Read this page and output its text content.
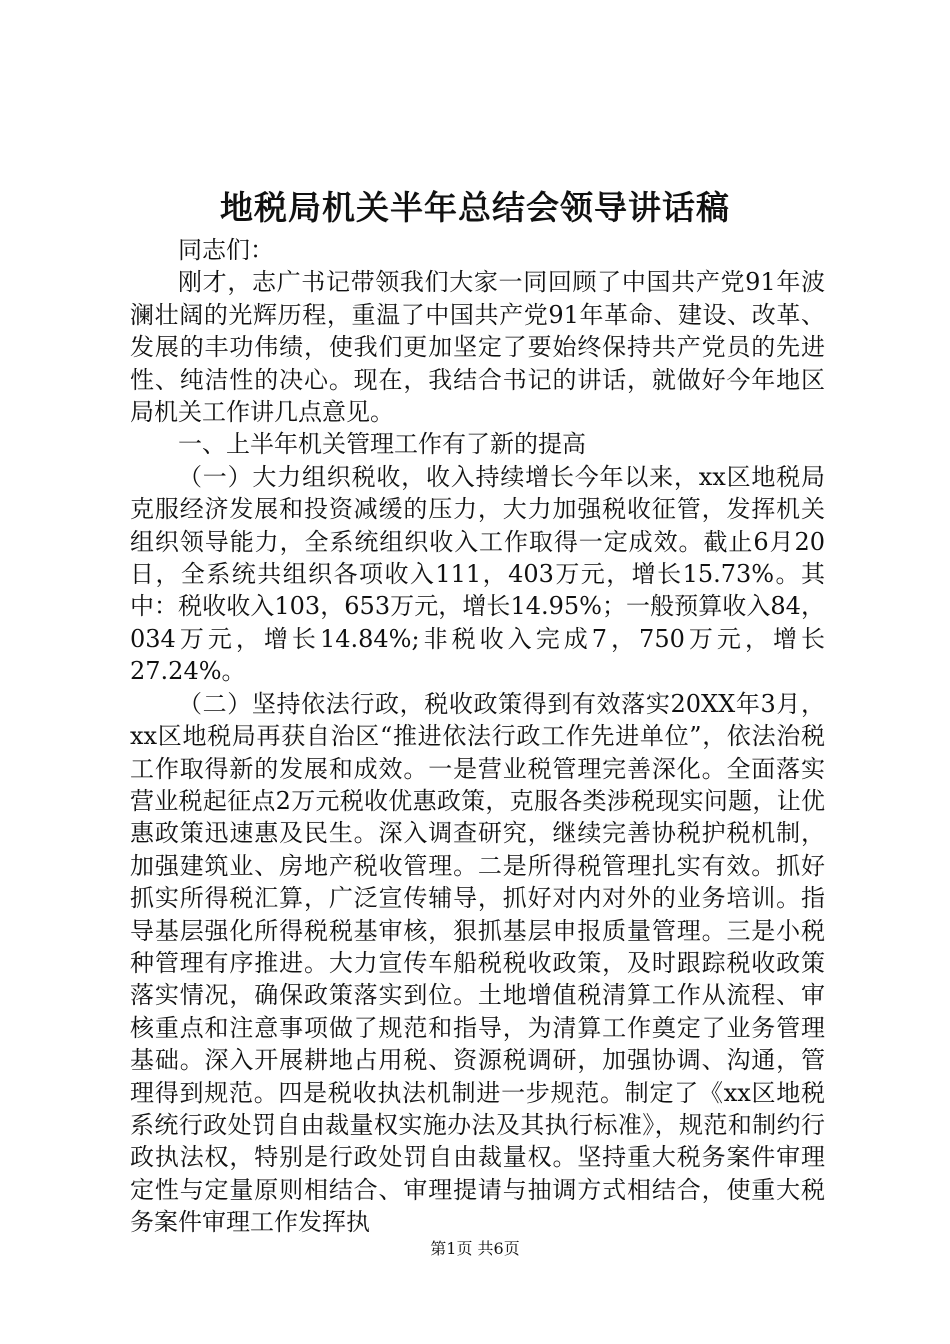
地税局机关半年总结会领导讲话稿

同志们：

刚才，志广书记带领我们大家一同回顾了中国共产党91年波澜壮阔的光辉历程，重温了中国共产党91年革命、建设、改革、发展的丰功伟绩，使我们更加坚定了要始终保持共产党员的先进性、纯洁性的决心。现在，我结合书记的讲话，就做好今年地区局机关工作讲几点意见。

一、上半年机关管理工作有了新的提高

（一）大力组织税收，收入持续增长今年以来，xx区地税局克服经济发展和投资减缓的压力，大力加强税收征管，发挥机关组织领导能力，全系统组织收入工作取得一定成效。截止6月20日，全系统共组织各项收入111，403万元，增长15.73%。其中：税收收入103，653万元，增长14.95%；一般预算收入84，034万元，增长14.84%;非税收入完成7，750万元，增长27.24%。

（二）坚持依法行政，税收政策得到有效落实20XX年3月，xx区地税局再获自治区“推进依法行政工作先进单位”，依法治税工作取得新的发展和成效。一是营业税管理完善深化。全面落实营业税起征点2万元税收优惠政策，克服各类涉税现实问题，让优惠政策迅速惠及民生。深入调查研究，继续完善协税护税机制，加强建筑业、房地产税收管理。二是所得税管理扎实有效。抓好抓实所得税汇算，广泛宣传辅导，抓好对内对外的业务培训。指导基层强化所得税税基审核，狠抓基层申报质量管理。三是小税种管理有序推进。大力宣传车船税税收政策，及时跟踪税收政策落实情况，确保政策落实到位。土地增值税清算工作从流程、审核重点和注意事项做了规范和指导，为清算工作奠定了业务管理基础。深入开展耕地占用税、资源税调研，加强协调、沟通，管理得到规范。四是税收执法机制进一步规范。制定了《xx区地税系统行政处罚自由裁量权实施办法及其执行标准》，规范和制约行政执法权，特别是行政处罚自由裁量权。坚持重大税务案件审理定性与定量原则相结合、审理提请与抽调方式相结合，使重大税务案件审理工作发挥执

第1页 共6页
